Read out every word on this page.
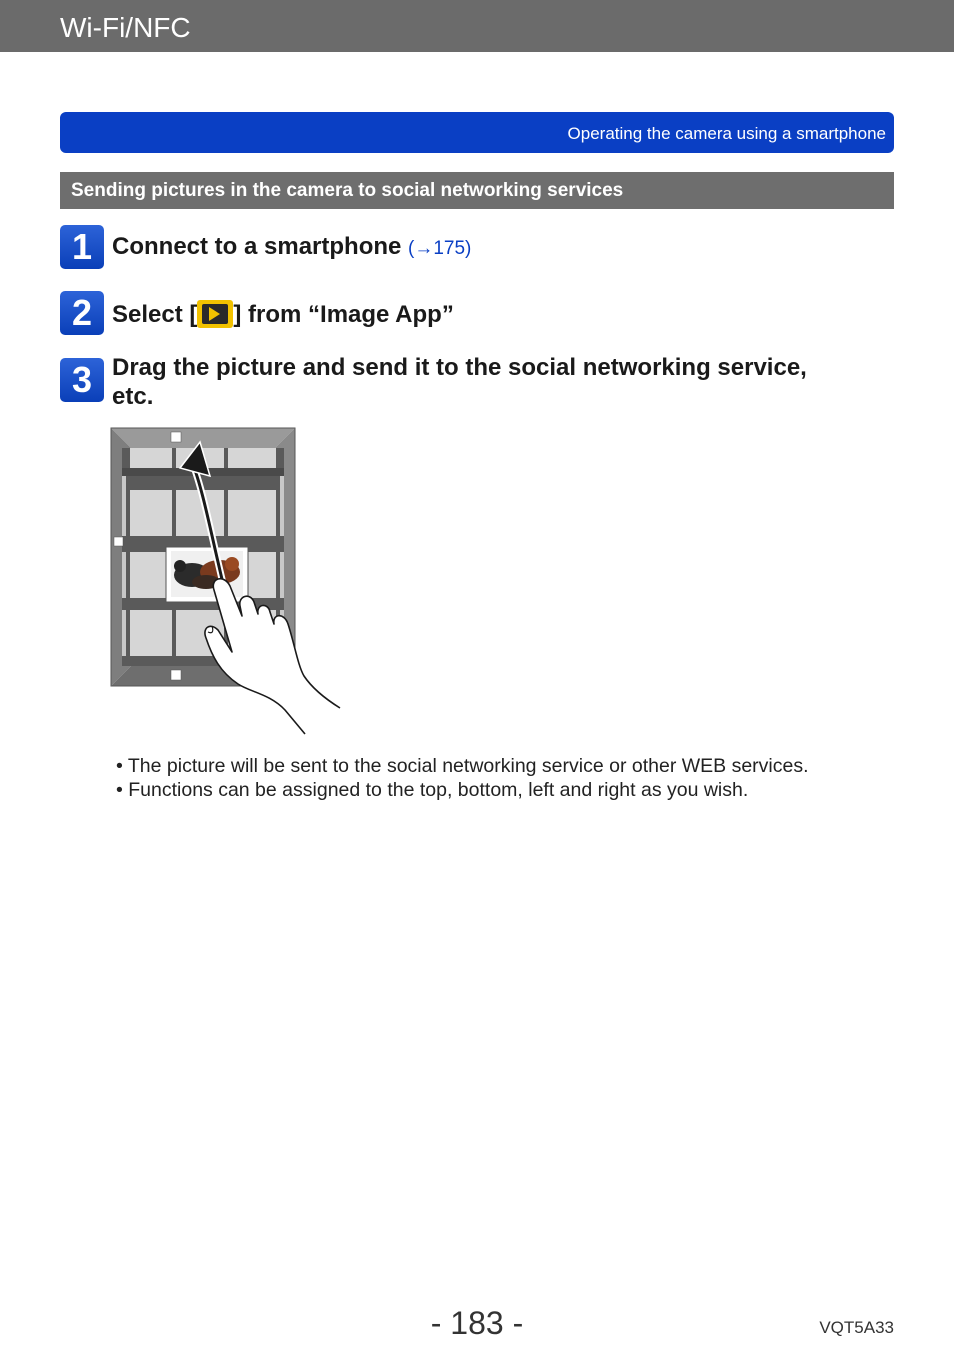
Wi-Fi/NFC
Operating the camera using a smartphone
Sending pictures in the camera to social networking services
1 Connect to a smartphone (→175)
2 Select [ ] from “Image App”
3 Drag the picture and send it to the social networking service,
etc.
• The picture will be sent to the social networking service or other WEB services.
• Functions can be assigned to the top, bottom, left and right as you wish.
- 183 -	VQT5A33
